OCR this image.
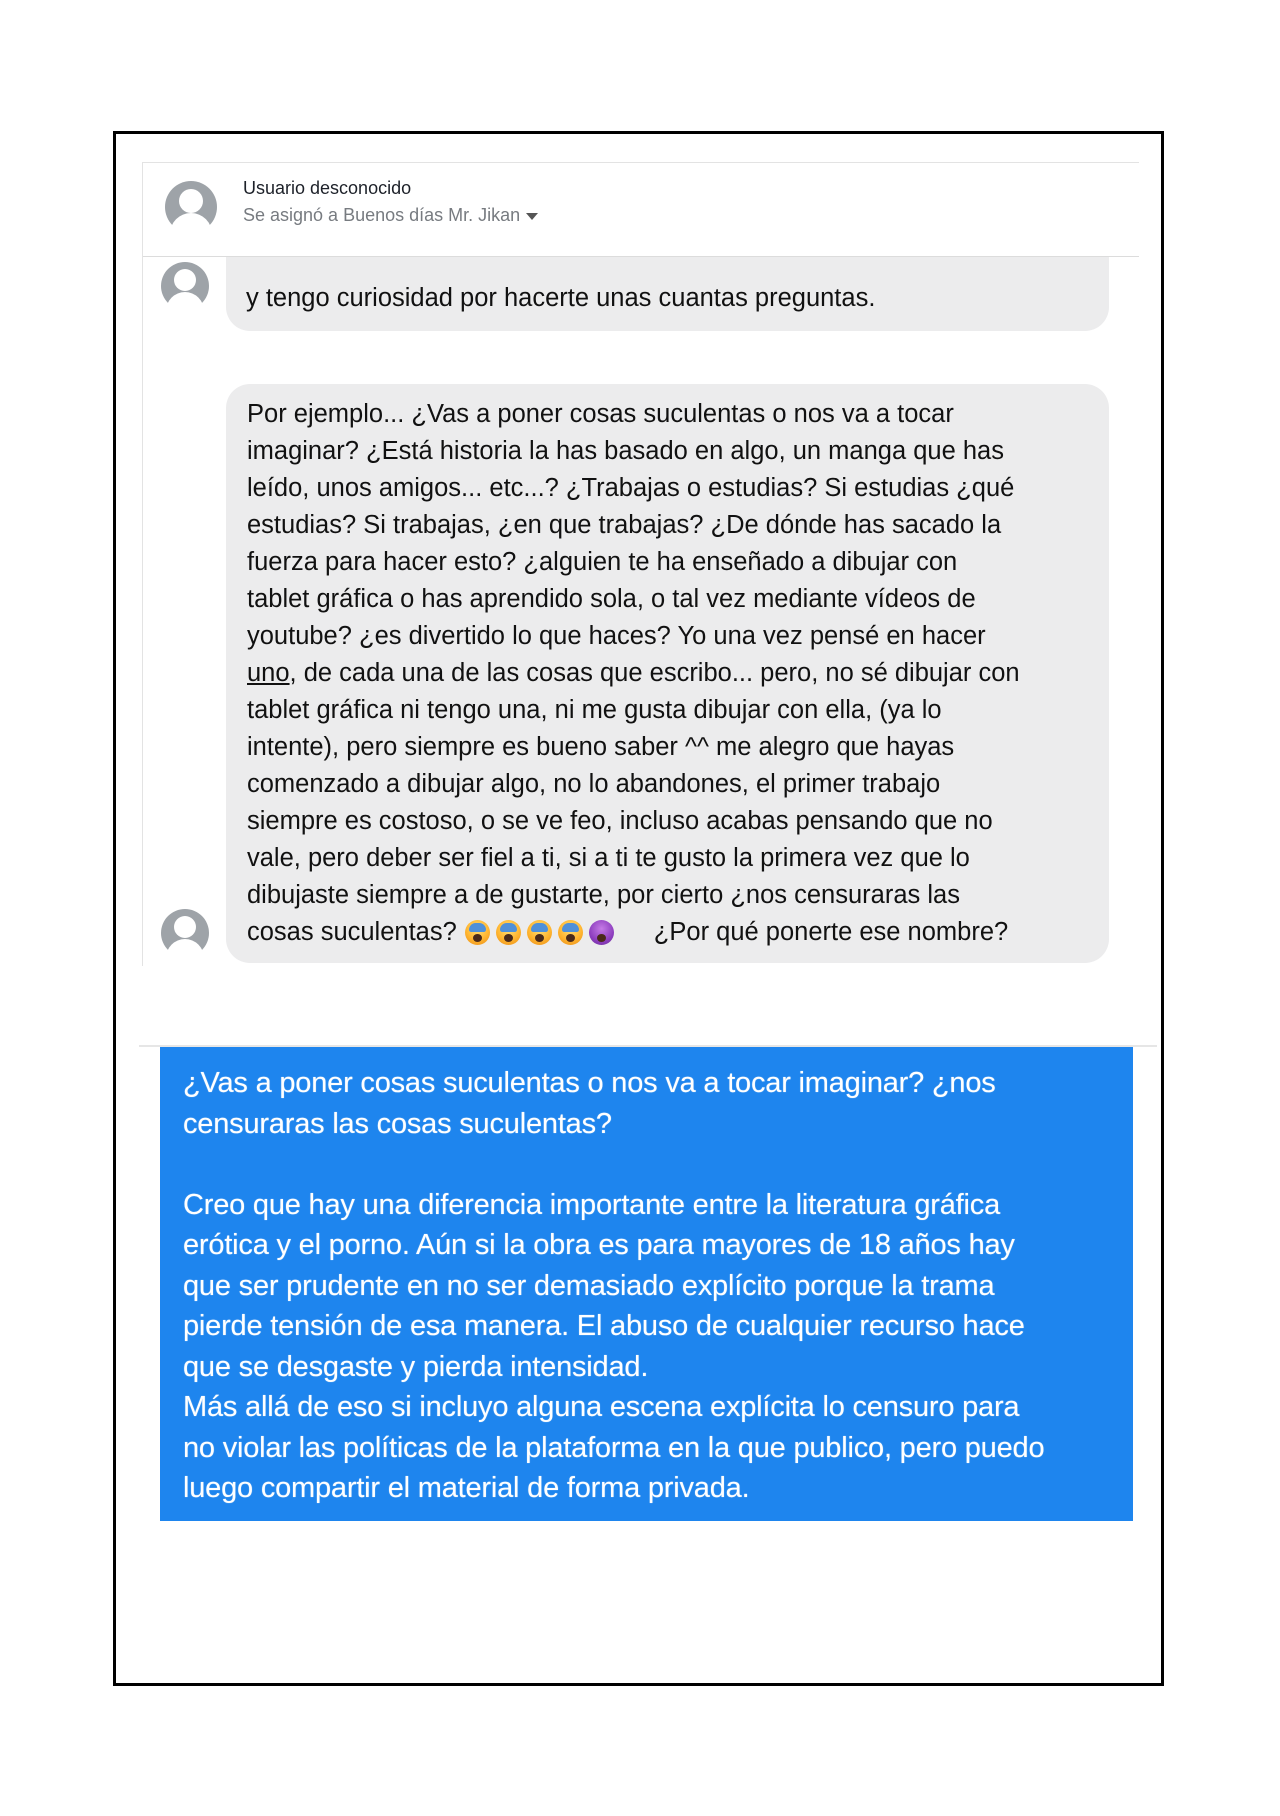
Usuario desconocido
Se asignó a Buenos días Mr. Jikan
y tengo curiosidad por hacerte unas cuantas preguntas.
Por ejemplo... ¿Vas a poner cosas suculentas o nos va a tocar
imaginar? ¿Está historia la has basado en algo, un manga que has
leído, unos amigos... etc...? ¿Trabajas o estudias? Si estudias ¿qué
estudias? Si trabajas, ¿en que trabajas? ¿De dónde has sacado la
fuerza para hacer esto? ¿alguien te ha enseñado a dibujar con
tablet gráfica o has aprendido sola, o tal vez mediante vídeos de
youtube? ¿es divertido lo que haces? Yo una vez pensé en hacer
uno, de cada una de las cosas que escribo... pero, no sé dibujar con
tablet gráfica ni tengo una, ni me gusta dibujar con ella, (ya lo
intente), pero siempre es bueno saber ^^ me alegro que hayas
comenzado a dibujar algo, no lo abandones, el primer trabajo
siempre es costoso, o se ve feo, incluso acabas pensando que no
vale, pero deber ser fiel a ti, si a ti te gusto la primera vez que lo
dibujaste siempre a de gustarte, por cierto ¿nos censuraras las
cosas suculentas?	¿Por qué ponerte ese nombre?

¿Vas a poner cosas suculentas o nos va a tocar imaginar? ¿nos

censuraras las cosas suculentas?

Creo que hay una diferencia importante entre la literatura gráfica

erótica y el porno. Aún si la obra es para mayores de 18 años hay

que ser prudente en no ser demasiado explícito porque la trama

pierde tensión de esa manera. El abuso de cualquier recurso hace

que se desgaste y pierda intensidad.

Más allá de eso si incluyo alguna escena explícita lo censuro para

no violar las políticas de la plataforma en la que publico, pero puedo

luego compartir el material de forma privada.
